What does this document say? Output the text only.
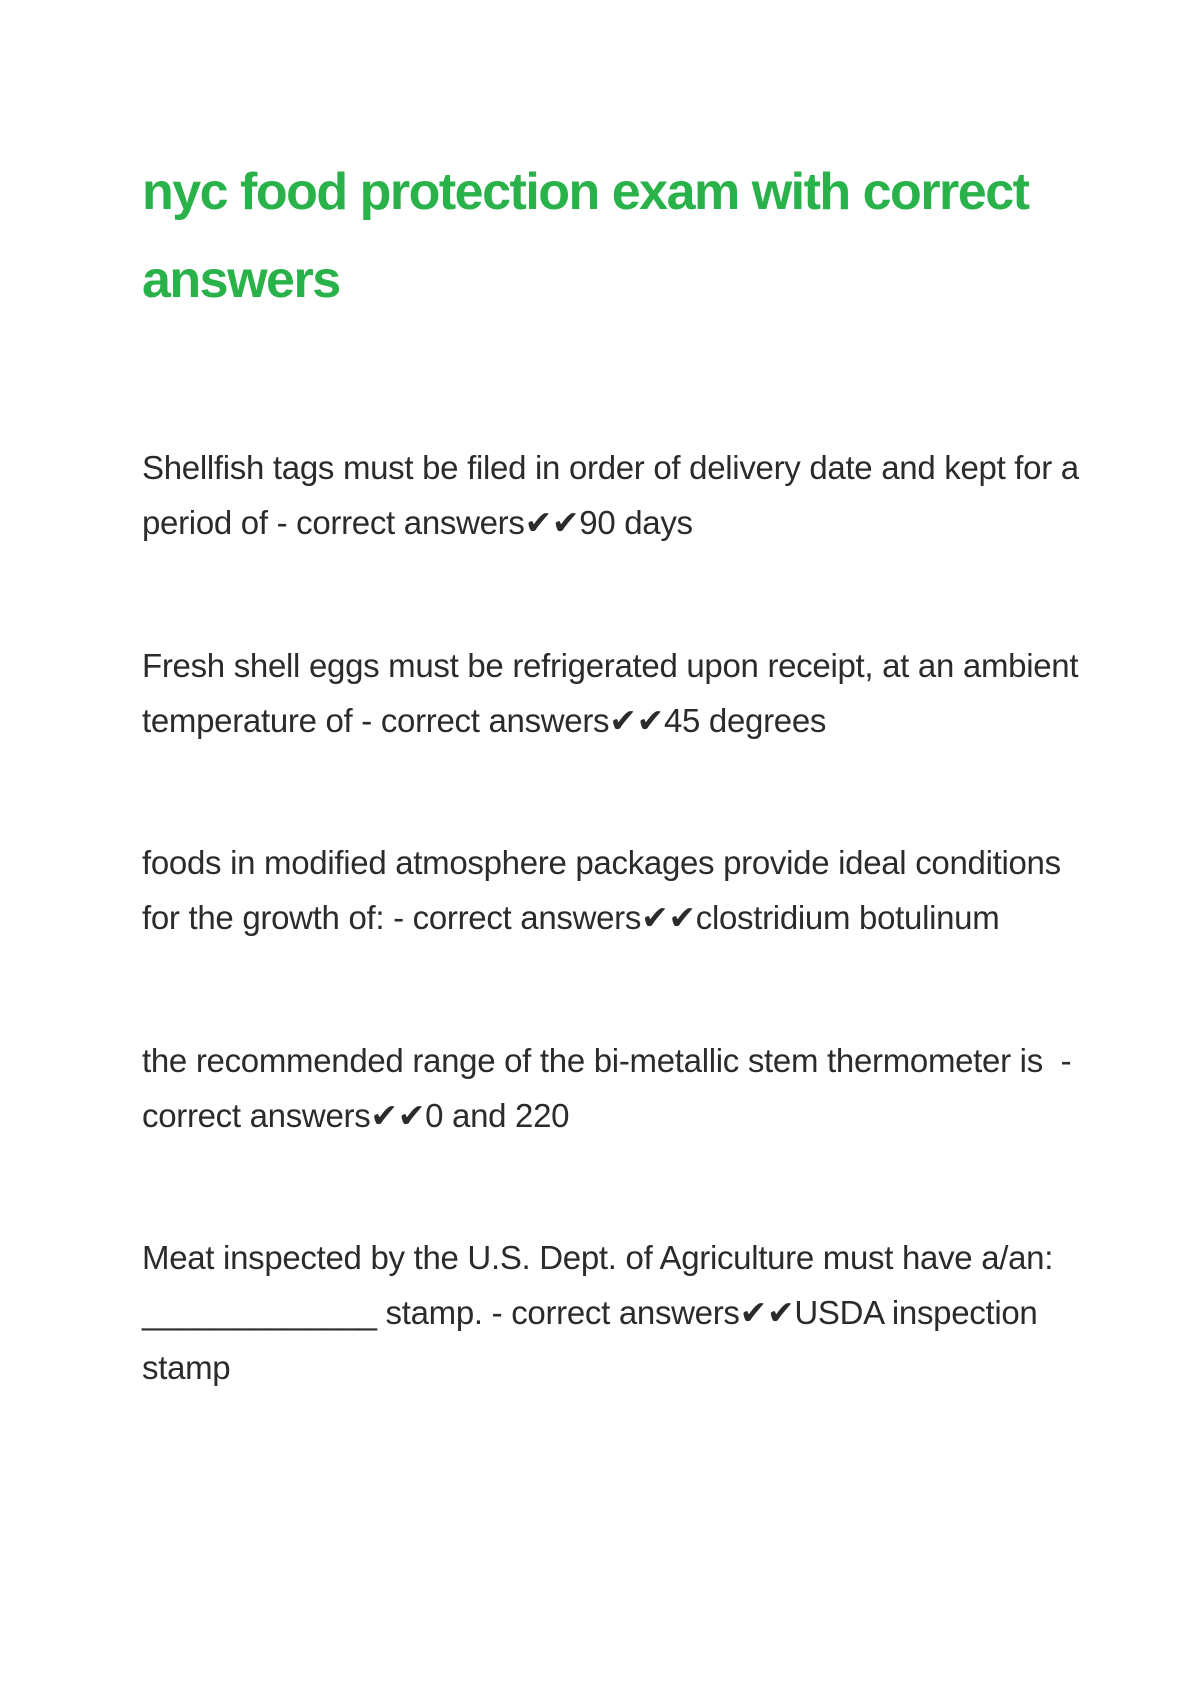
nyc food protection exam with correct answers

Shellfish tags must be filed in order of delivery date and kept for a period of - correct answers✔✔90 days

Fresh shell eggs must be refrigerated upon receipt, at an ambient temperature of - correct answers✔✔45 degrees

foods in modified atmosphere packages provide ideal conditions  for the growth of: - correct answers✔✔clostridium botulinum

the recommended range of the bi-metallic stem thermometer is  - correct answers✔✔0 and 220

Meat inspected by the U.S. Dept. of Agriculture must have a/an: _____________ stamp. - correct answers✔✔USDA inspection stamp
